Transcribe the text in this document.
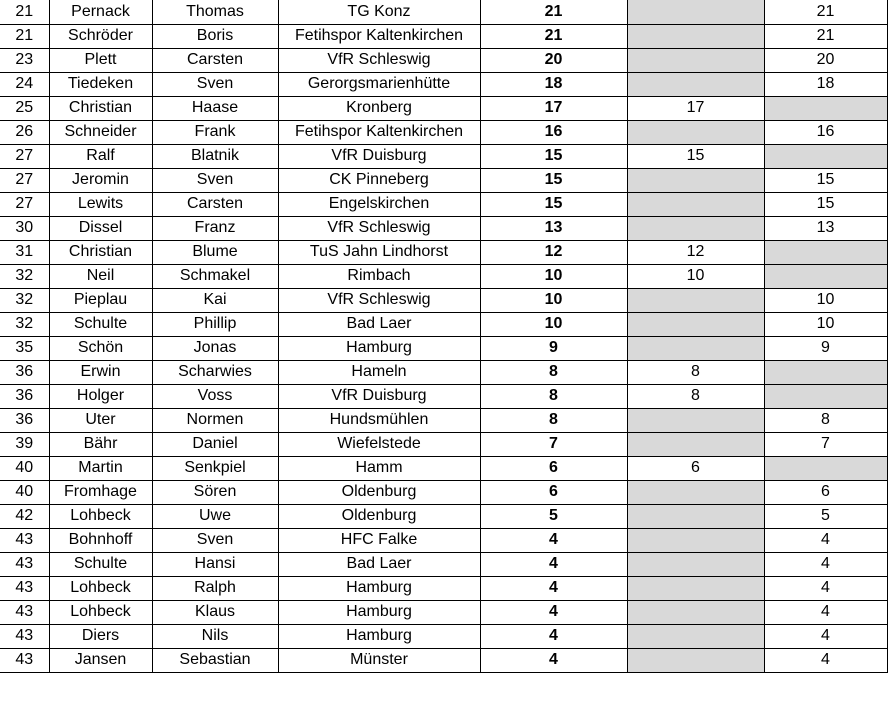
21	Pernack	Thomas	TG Konz	21		21
21	Schröder	Boris	Fetihspor Kaltenkirchen	21		21
23	Plett	Carsten	VfR Schleswig	20		20
24	Tiedeken	Sven	Gerorgsmarienhütte	18		18
25	Christian	Haase	Kronberg	17	17	
26	Schneider	Frank	Fetihspor Kaltenkirchen	16		16
27	Ralf	Blatnik	VfR Duisburg	15	15	
27	Jeromin	Sven	CK Pinneberg	15		15
27	Lewits	Carsten	Engelskirchen	15		15
30	Dissel	Franz	VfR Schleswig	13		13
31	Christian	Blume	TuS Jahn Lindhorst	12	12	
32	Neil	Schmakel	Rimbach	10	10	
32	Pieplau	Kai	VfR Schleswig	10		10
32	Schulte	Phillip	Bad Laer	10		10
35	Schön	Jonas	Hamburg	9		9
36	Erwin	Scharwies	Hameln	8	8	
36	Holger	Voss	VfR Duisburg	8	8	
36	Uter	Normen	Hundsmühlen	8		8
39	Bähr	Daniel	Wiefelstede	7		7
40	Martin	Senkpiel	Hamm	6	6	
40	Fromhage	Sören	Oldenburg	6		6
42	Lohbeck	Uwe	Oldenburg	5		5
43	Bohnhoff	Sven	HFC Falke	4		4
43	Schulte	Hansi	Bad Laer	4		4
43	Lohbeck	Ralph	Hamburg	4		4
43	Lohbeck	Klaus	Hamburg	4		4
43	Diers	Nils	Hamburg	4		4
43	Jansen	Sebastian	Münster	4		4
